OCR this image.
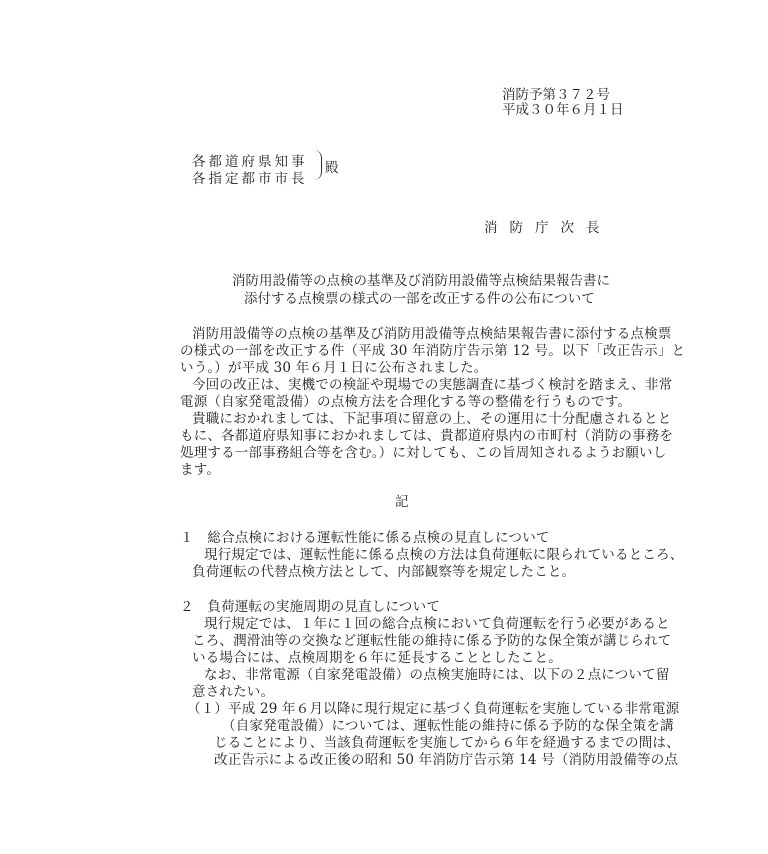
消防予第３７２号
平成３０年６月１日
各都道府県知事
各指定都市市長
殿
消防庁次長
消防用設備等の点検の基準及び消防用設備等点検結果報告書に
添付する点検票の様式の一部を改正する件の公布について
消防用設備等の点検の基準及び消防用設備等点検結果報告書に添付する点検票
の様式の一部を改正する件（平成 30 年消防庁告示第 12 号。以下「改正告示」と
いう。）が平成 30 年６月１日に公布されました。
今回の改正は、実機での検証や現場での実態調査に基づく検討を踏まえ、非常
電源（自家発電設備）の点検方法を合理化する等の整備を行うものです。
貴職におかれましては、下記事項に留意の上、その運用に十分配慮されるとと
もに、各都道府県知事におかれましては、貴都道府県内の市町村（消防の事務を
処理する一部事務組合等を含む。）に対しても、この旨周知されるようお願いし
ます。
記
１　総合点検における運転性能に係る点検の見直しについて
現行規定では、運転性能に係る点検の方法は負荷運転に限られているところ、
負荷運転の代替点検方法として、内部観察等を規定したこと。
２　負荷運転の実施周期の見直しについて
現行規定では、１年に１回の総合点検において負荷運転を行う必要があると
ころ、潤滑油等の交換など運転性能の維持に係る予防的な保全策が講じられて
いる場合には、点検周期を６年に延長することとしたこと。
なお、非常電源（自家発電設備）の点検実施時には、以下の２点について留
意されたい。
（１）平成 29 年６月以降に現行規定に基づく負荷運転を実施している非常電源
（自家発電設備）については、運転性能の維持に係る予防的な保全策を講
じることにより、当該負荷運転を実施してから６年を経過するまでの間は、
改正告示による改正後の昭和 50 年消防庁告示第 14 号（消防用設備等の点
